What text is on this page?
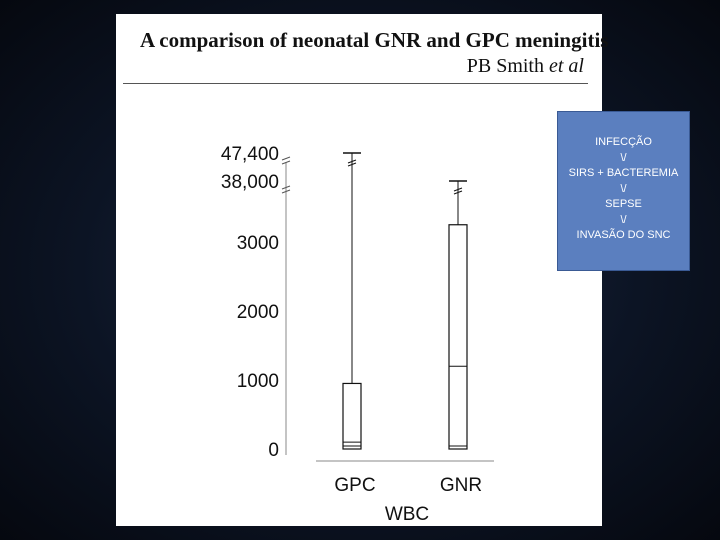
A comparison of neonatal GNR and GPC meningitis
PB Smith et al
0
1000
2000
3000
38,000
47,400
GPC	GNR
WBC
INFECÇÃO
\/
SIRS + BACTEREMIA
\/
SEPSE
\/
INVASÃO DO SNC
